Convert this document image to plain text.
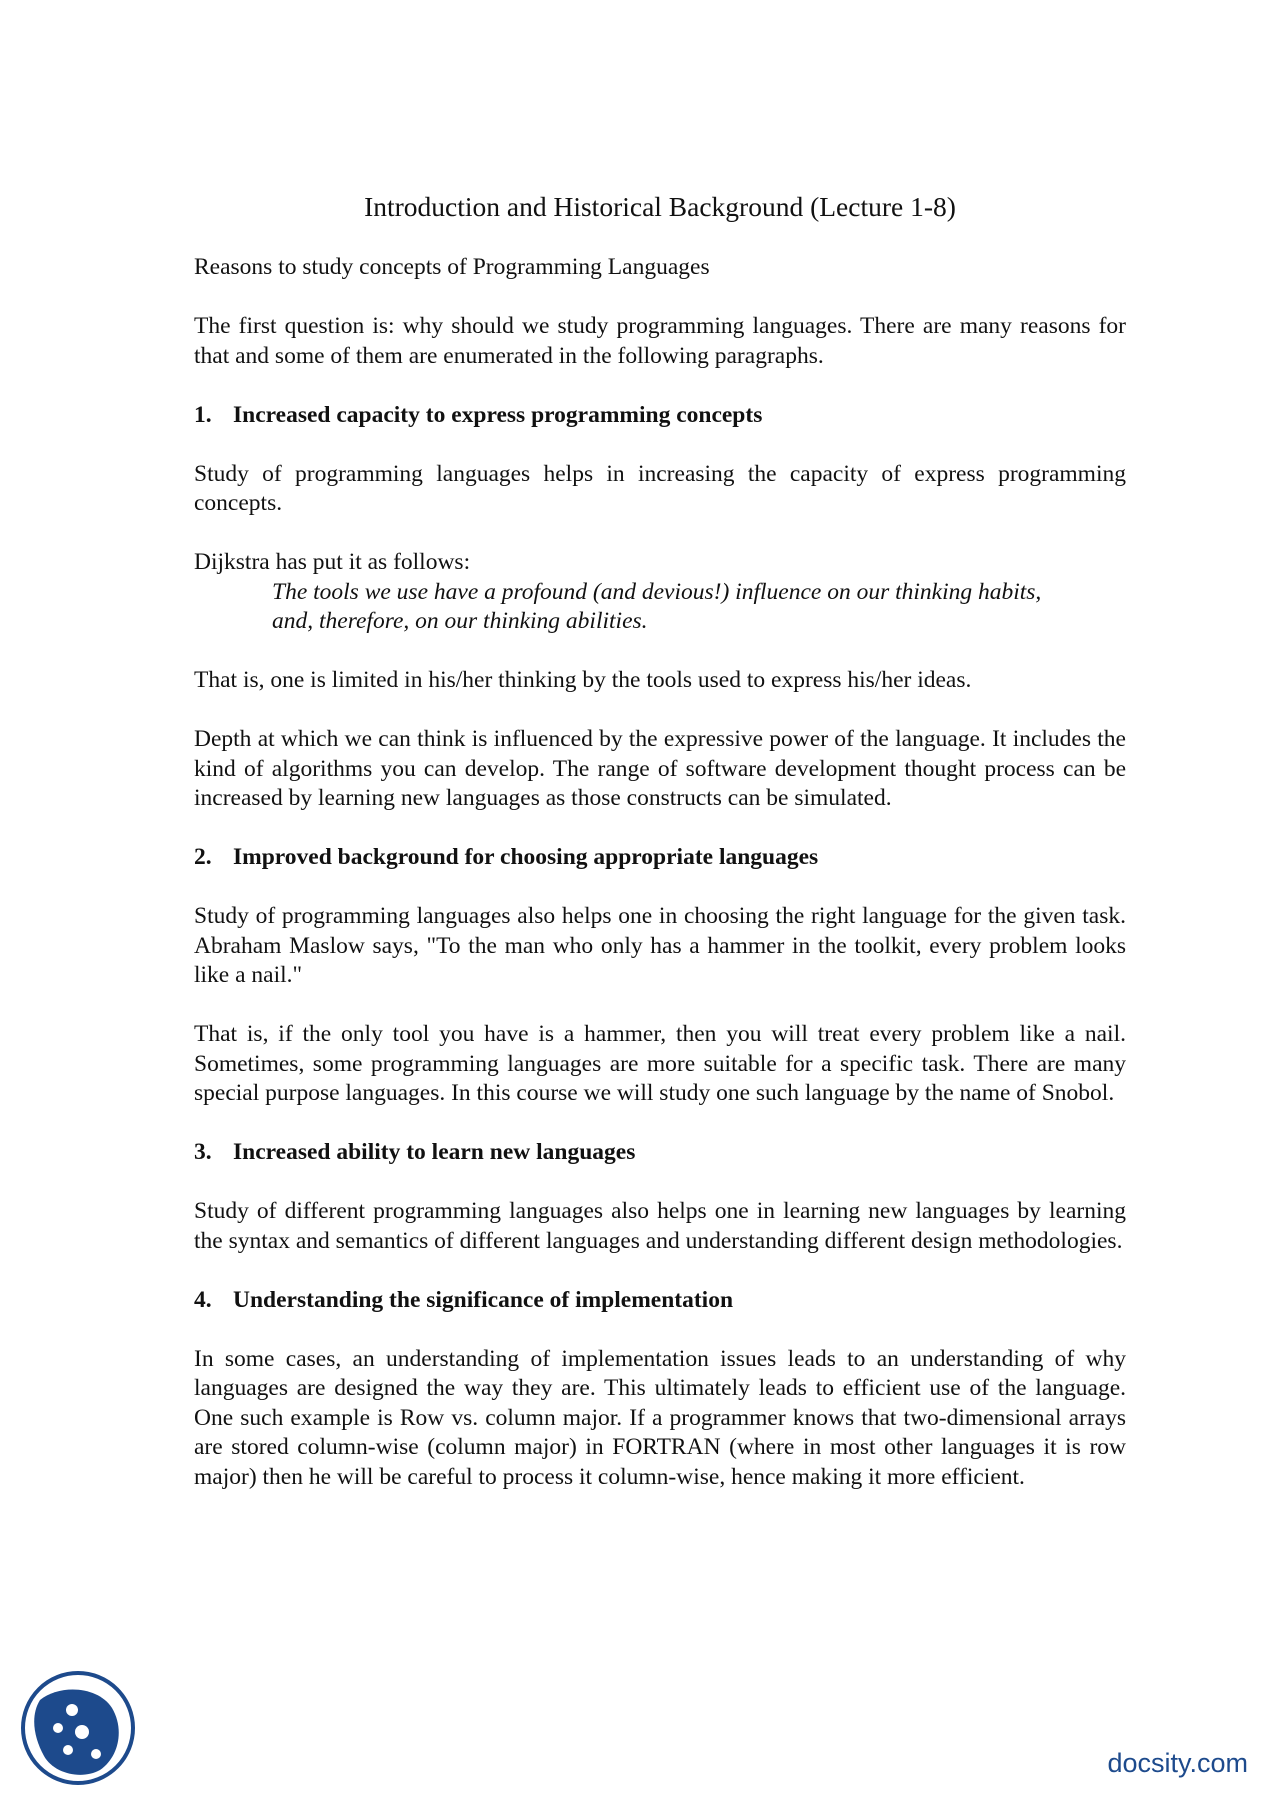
Introduction and Historical Background (Lecture 1-8)

Reasons to study concepts of Programming Languages

The first question is: why should we study programming languages. There are many reasons for that and some of them are enumerated in the following paragraphs.

1. Increased capacity to express programming concepts

Study of programming languages helps in increasing the capacity of express programming concepts.

Dijkstra has put it as follows:

The tools we use have a profound (and devious!) influence on our thinking habits,
and, therefore, on our thinking abilities.

That is, one is limited in his/her thinking by the tools used to express his/her ideas.

Depth at which we can think is influenced by the expressive power of the language. It includes the kind of algorithms you can develop. The range of software development thought process can be increased by learning new languages as those constructs can be simulated.

2. Improved background for choosing appropriate languages

Study of programming languages also helps one in choosing the right language for the given task. Abraham Maslow says, "To the man who only has a hammer in the toolkit, every problem looks like a nail."

That is, if the only tool you have is a hammer, then you will treat every problem like a nail. Sometimes, some programming languages are more suitable for a specific task. There are many special purpose languages. In this course we will study one such language by the name of Snobol.

3. Increased ability to learn new languages

Study of different programming languages also helps one in learning new languages by learning the syntax and semantics of different languages and understanding different design methodologies.

4. Understanding the significance of implementation

In some cases, an understanding of implementation issues leads to an understanding of why languages are designed the way they are. This ultimately leads to efficient use of the language. One such example is Row vs. column major. If a programmer knows that two-dimensional arrays are stored column-wise (column major) in FORTRAN (where in most other languages it is row major) then he will be careful to process it column-wise, hence making it more efficient.

docsity.com
